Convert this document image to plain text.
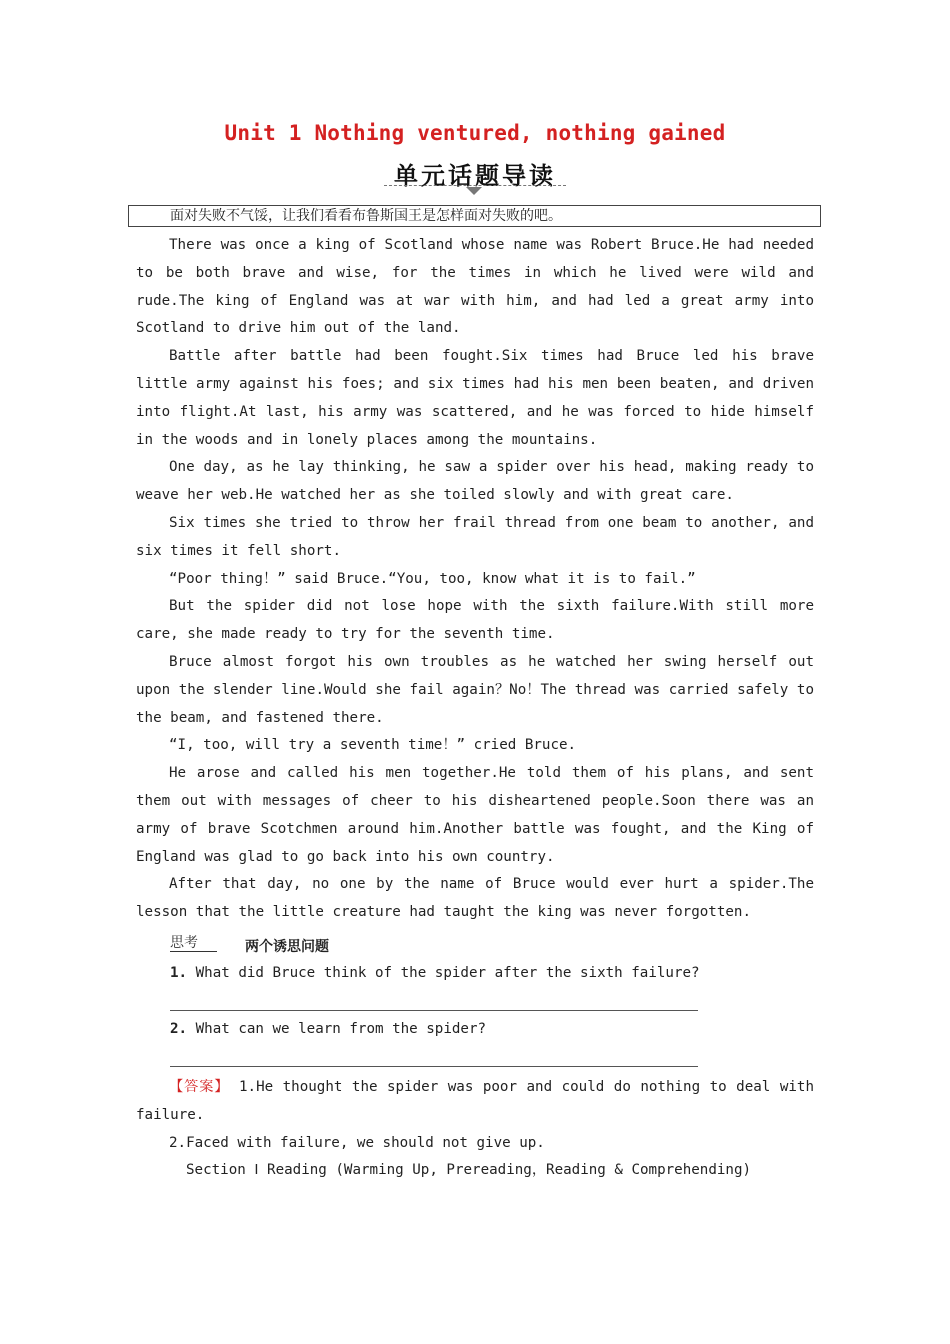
Unit 1 Nothing ventured, nothing gained
单元话题导读
面对失败不气馁，让我们看看布鲁斯国王是怎样面对失败的吧。

There was once a king of Scotland whose name was Robert Bruce.He had needed to be both brave and wise, for the times in which he lived were wild and rude.The king of England was at war with him, and had led a great army into Scotland to drive him out of the land.

Battle after battle had been fought.Six times had Bruce led his brave little army against his foes; and six times had his men been beaten, and driven into flight.At last, his army was scattered, and he was forced to hide himself in the woods and in lonely places among the mountains.

One day, as he lay thinking, he saw a spider over his head, making ready to weave her web.He watched her as she toiled slowly and with great care.

Six times she tried to throw her frail thread from one beam to another, and six times it fell short.

“Poor thing！” said Bruce.“You, too, know what it is to fail.”

But the spider did not lose hope with the sixth failure.With still more care, she made ready to try for the seventh time.

Bruce almost forgot his own troubles as he watched her swing herself out upon the slender line.Would she fail again？No！The thread was carried safely to the beam, and fastened there.

“I, too, will try a seventh time！” cried Bruce.

He arose and called his men together.He told them of his plans, and sent them out with messages of cheer to his disheartened people.Soon there was an army of brave Scotchmen around him.Another battle was fought, and the King of England was glad to go back into his own country.

After that day, no one by the name of Bruce would ever hurt a spider.The lesson that the little creature had taught the king was never forgotten.

思考	两个诱思问题
1. What did Bruce think of the spider after the sixth failure?
2. What can we learn from the spider?

【答案】 1.He thought the spider was poor and could do nothing to deal with failure.

2.Faced with failure, we should not give up.

Section Ⅰ Reading (Warming Up, Prereading，Reading & Comprehending)
